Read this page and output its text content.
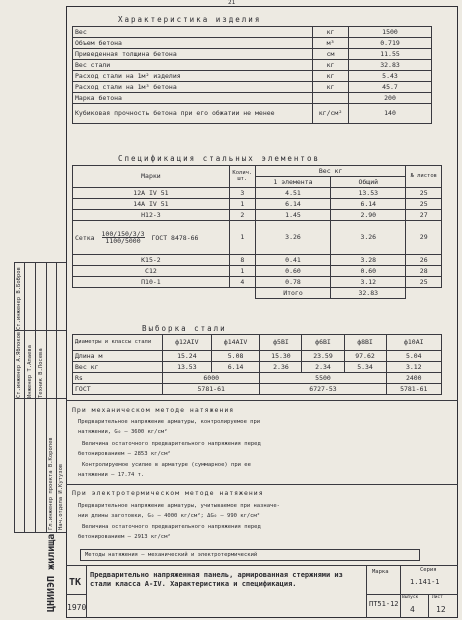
21
Ст.инженер А.Яблоков
Ст.инженер В.Бобров
Инженер Т.Апаева Техник В.Лосева
Гл.инженер проекта В.Королев Нач.отдела И.Кутузов
Характеристика изделия
Вес	кг	1500
Объем бетона	м³	0.719
Приведенная толщина бетона	см	11.55
Вес стали	кг	32.83
Расход стали на 1м² изделия	кг	5.43
Расход стали на 1м³ бетона	кг	45.7
Марка бетона		200
Кубиковая прочность бетона при его обжатии не менее	кг/см²	140
Спецификация стальных элементов
Марки	Колич. шт.	Вес кг		№ листов
		1 элемента	Общий	
12А IV 51	3	4.51	13.53	25
14А IV 51	1	6.14	6.14	25
Н12-3	2	1.45	2.90	27
Сетка $\frac{100/150/3/3}{1100/5000}$ ГОСТ 8478-66	1	3.26	3.26	29
К15-2	8	0.41	3.28	26
С12	1	0.60	0.60	28
П10-1	4	0.78	3.12	25
		Итого	32.83	
Выборка стали
Диаметры и классы стали	ф12АIV	ф14АIV	ф5ВI	ф6ВI	ф8ВI	ф10АI
Длина м	15.24	5.08	15.30	23.59	97.62	5.04
Вес кг	13.53	6.14	2.36	2.34	5.34	3.12
Rs	6000		5500			2400
ГОСТ	5781-61		6727-53			5781-61
При механическом методе натяжения
Предварительное напряжение арматуры, контролируемое при
натяжении, G₀ – 3600 кг/см²
Величина остаточного предварительного напряжения перед
бетонированием – 2853 кг/см²
Контролируемое усилие в арматуре (суммарное) при ее
натяжении – 17.74 т.
При электротермическом методе натяжения
Предварительное напряжение арматуры, учитываемое при назначе-
нии длины заготовки, G₀ – 4000 кг/см²; ΔG₀ – 990 кг/см²
Величина остаточного предварительного напряжения перед
бетонированием – 2913 кг/см²
Методы натяжения – механический и электротермический
ТК
1970
Предварительно напряженная панель, армированная стержнями из стали класса А-IV. Характеристика и спецификация.
Марка
ПТ51-12
Серия
1.141-1
Выпуск	Лист
4	12
ЦНИИЭП жилища
